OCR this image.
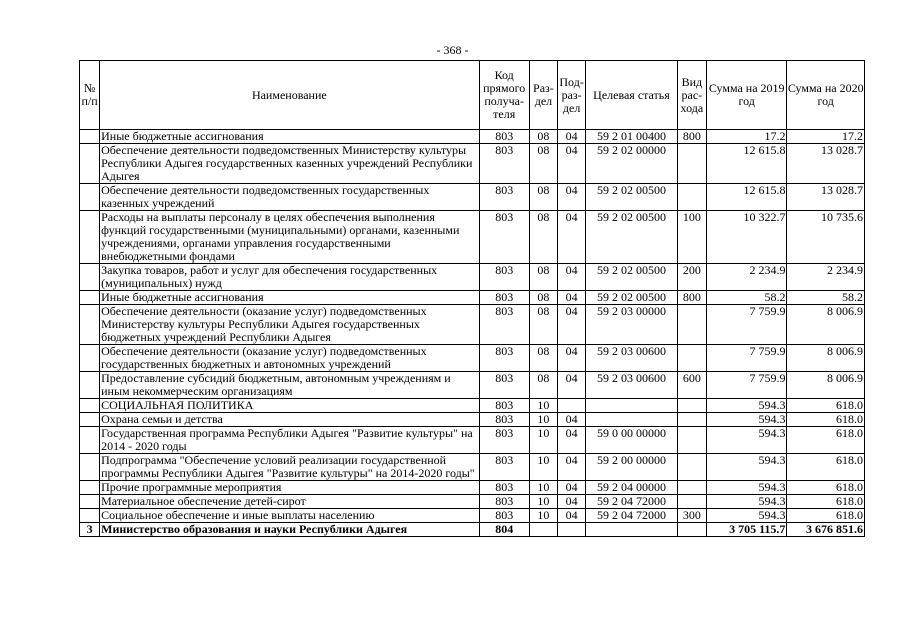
- 368 -
№ п/п	Наименование	Код прямого получа-теля	Раз-дел	Под-раз-дел	Целевая статья	Вид рас-хода	Сумма на 2019 год	Сумма на 2020 год
	Иные бюджетные ассигнования	803	08	04	59 2 01 00400	800	17.2	17.2
	Обеспечение деятельности подведомственных Министерству культуры Республики Адыгея государственных казенных учреждений Республики Адыгея	803	08	04	59 2 02 00000		12 615.8	13 028.7
	Обеспечение деятельности подведомственных государственных казенных учреждений	803	08	04	59 2 02 00500		12 615.8	13 028.7
	Расходы на выплаты персоналу в целях обеспечения выполнения функций государственными (муниципальными) органами, казенными учреждениями, органами управления государственными внебюджетными фондами	803	08	04	59 2 02 00500	100	10 322.7	10 735.6
	Закупка товаров, работ и услуг для обеспечения государственных (муниципальных) нужд	803	08	04	59 2 02 00500	200	2 234.9	2 234.9
	Иные бюджетные ассигнования	803	08	04	59 2 02 00500	800	58.2	58.2
	Обеспечение деятельности (оказание услуг) подведомственных Министерству культуры Республики Адыгея государственных бюджетных учреждений Республики Адыгея	803	08	04	59 2 03 00000		7 759.9	8 006.9
	Обеспечение деятельности (оказание услуг) подведомственных государственных бюджетных и автономных учреждений	803	08	04	59 2 03 00600		7 759.9	8 006.9
	Предоставление субсидий бюджетным, автономным учреждениям и иным некоммерческим организациям	803	08	04	59 2 03 00600	600	7 759.9	8 006.9
	СОЦИАЛЬНАЯ ПОЛИТИКА	803	10				594.3	618.0
	Охрана семьи и детства	803	10	04			594.3	618.0
	Государственная программа Республики Адыгея "Развитие культуры" на 2014 - 2020 годы	803	10	04	59 0 00 00000		594.3	618.0
	Подпрограмма "Обеспечение условий реализации государственной программы Республики Адыгея "Развитие культуры" на 2014-2020 годы"	803	10	04	59 2 00 00000		594.3	618.0
	Прочие программные мероприятия	803	10	04	59 2 04 00000		594.3	618.0
	Материальное обеспечение детей-сирот	803	10	04	59 2 04 72000		594.3	618.0
	Социальное обеспечение и иные выплаты населению	803	10	04	59 2 04 72000	300	594.3	618.0
3	Министерство образования и науки Республики Адыгея	804					3 705 115.7	3 676 851.6
